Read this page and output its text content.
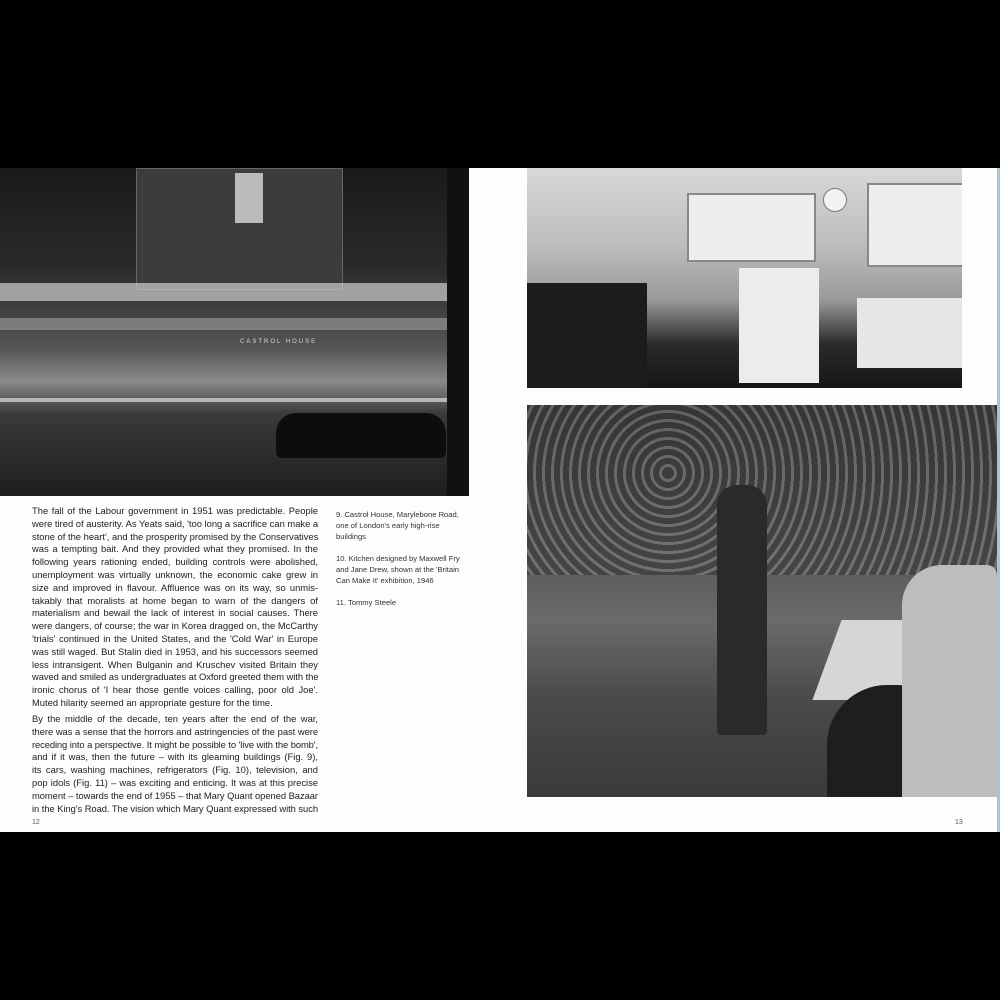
CASTROL HOUSE
The fall of the Labour government in 1951 was predictable. People
were tired of austerity. As Yeats said, 'too long a sacrifice can make a
stone of the heart', and the prosperity promised by the Conservatives
was a tempting bait. And they provided what they promised. In the
following years rationing ended, building controls were abolished,
unemployment was virtually unknown, the economic cake grew in
size and improved in flavour. Affluence was on its way, so unmis-
takably that moralists at home began to warn of the dangers of
materialism and bewail the lack of interest in social causes. There
were dangers, of course; the war in Korea dragged on, the McCarthy
'trials' continued in the United States, and the 'Cold War' in Europe
was still waged. But Stalin died in 1953, and his successors seemed
less intransigent. When Bulganin and Kruschev visited Britain they
waved and smiled as undergraduates at Oxford greeted them with the
ironic chorus of 'I hear those gentle voices calling, poor old Joe'.
Muted hilarity seemed an appropriate gesture for the time.
By the middle of the decade, ten years after the end of the war,
there was a sense that the horrors and astringencies of the past were
receding into a perspective. It might be possible to 'live with the bomb',
and if it was, then the future – with its gleaming buildings (Fig. 9),
its cars, washing machines, refrigerators (Fig. 10), television, and
pop idols (Fig. 11) – was exciting and enticing. It was at this precise
moment – towards the end of 1955 – that Mary Quant opened Bazaar
in the King's Road. The vision which Mary Quant expressed with such
9. Castrol House, Marylebone Road, one of London's early high-rise buildings
10. Kitchen designed by Maxwell Fry and Jane Drew, shown at the 'Britain Can Make It' exhibition, 1946
11. Tommy Steele
12	13
